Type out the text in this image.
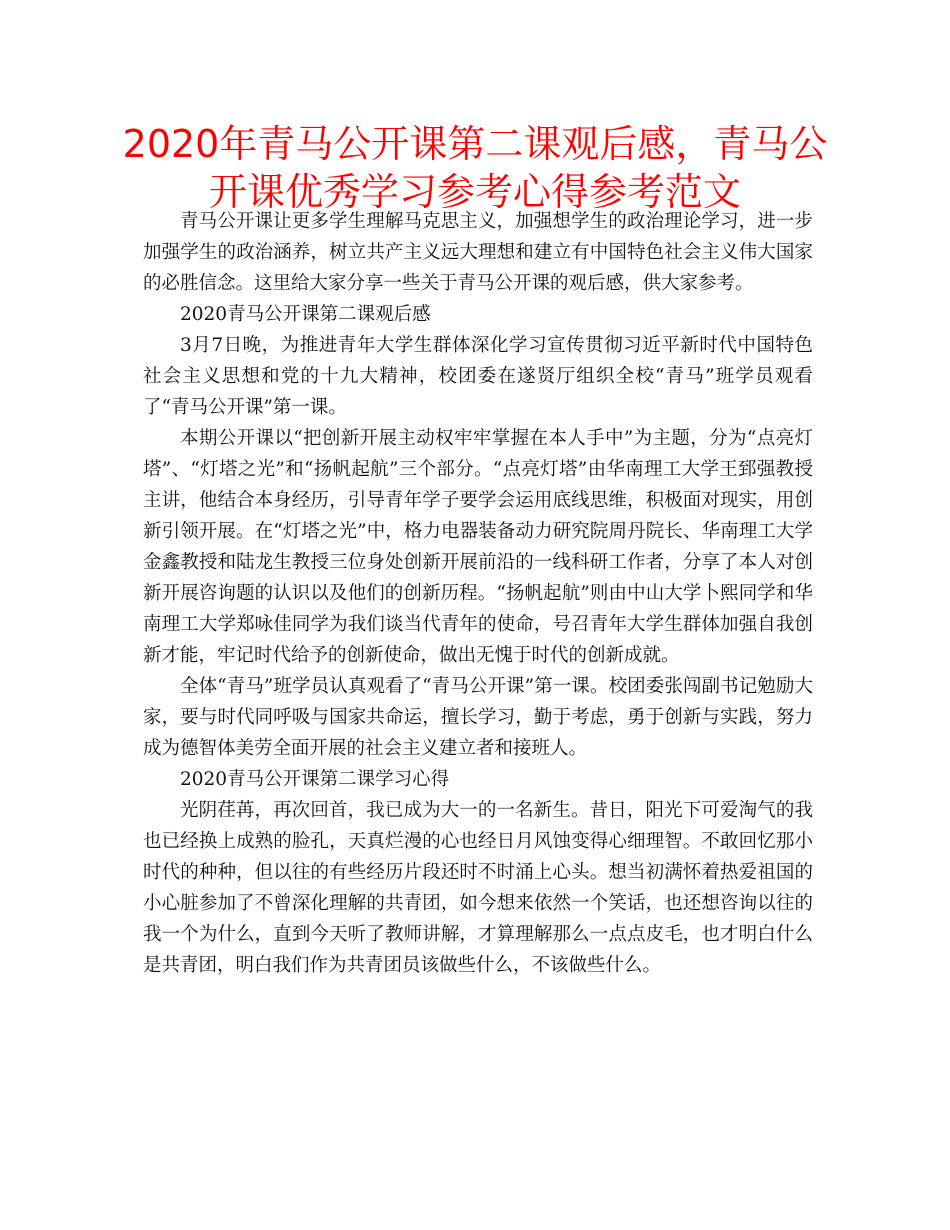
2020年青马公开课第二课观后感，青马公开课优秀学习参考心得参考范文

青马公开课让更多学生理解马克思主义，加强想学生的政治理论学习，进一步加强学生的政治涵养，树立共产主义远大理想和建立有中国特色社会主义伟大国家的必胜信念。这里给大家分享一些关于青马公开课的观后感，供大家参考。

2020青马公开课第二课观后感

3月7日晚，为推进青年大学生群体深化学习宣传贯彻习近平新时代中国特色社会主义思想和党的十九大精神，校团委在遂贤厅组织全校“青马”班学员观看了“青马公开课”第一课。

本期公开课以“把创新开展主动权牢牢掌握在本人手中”为主题，分为“点亮灯塔”、“灯塔之光”和“扬帆起航”三个部分。“点亮灯塔”由华南理工大学王郅强教授主讲，他结合本身经历，引导青年学子要学会运用底线思维，积极面对现实，用创新引领开展。在“灯塔之光”中，格力电器装备动力研究院周丹院长、华南理工大学金鑫教授和陆龙生教授三位身处创新开展前沿的一线科研工作者，分享了本人对创新开展咨询题的认识以及他们的创新历程。“扬帆起航”则由中山大学卜熙同学和华南理工大学郑咏佳同学为我们谈当代青年的使命，号召青年大学生群体加强自我创新才能，牢记时代给予的创新使命，做出无愧于时代的创新成就。

全体“青马”班学员认真观看了“青马公开课”第一课。校团委张闯副书记勉励大家，要与时代同呼吸与国家共命运，擅长学习，勤于考虑，勇于创新与实践，努力成为德智体美劳全面开展的社会主义建立者和接班人。

2020青马公开课第二课学习心得

光阴荏苒，再次回首，我已成为大一的一名新生。昔日，阳光下可爱淘气的我也已经换上成熟的脸孔，天真烂漫的心也经日月风蚀变得心细理智。不敢回忆那小时代的种种，但以往的有些经历片段还时不时涌上心头。想当初满怀着热爱祖国的小心脏参加了不曾深化理解的共青团，如今想来依然一个笑话，也还想咨询以往的我一个为什么，直到今天听了教师讲解，才算理解那么一点点皮毛，也才明白什么是共青团，明白我们作为共青团员该做些什么，不该做些什么。
